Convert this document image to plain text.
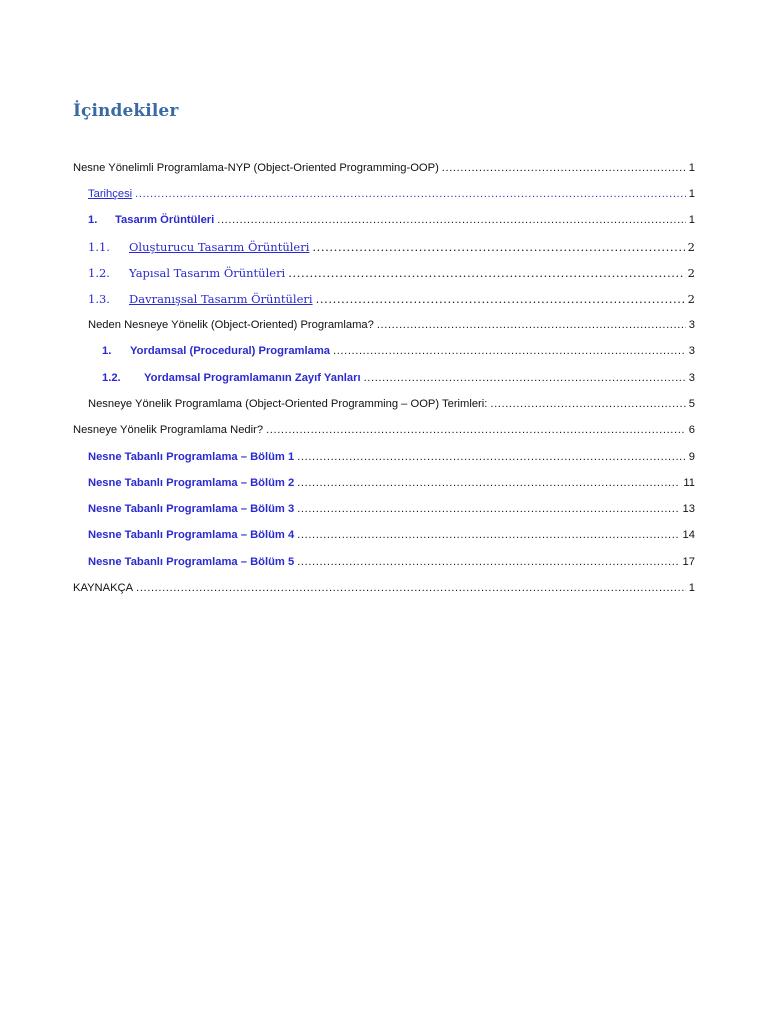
İçindekiler
Nesne Yönelimli Programlama-NYP (Object-Oriented Programming-OOP) .....	1
Tarihçesi .....	1
1.	Tasarım Örüntüleri .....	1
1.1.	Oluşturucu Tasarım Örüntüleri .....	2
1.2.	Yapısal Tasarım Örüntüleri .....	2
1.3.	Davranışsal Tasarım Örüntüleri .....	2
Neden Nesneye Yönelik (Object-Oriented) Programlama? .....	3
1.	Yordamsal (Procedural) Programlama .....	3
1.2.	Yordamsal Programlamanın Zayıf Yanları .....	3
Nesneye Yönelik Programlama (Object-Oriented Programming – OOP) Terimleri: .....	5
Nesneye Yönelik Programlama Nedir? .....	6
Nesne Tabanlı Programlama – Bölüm 1 .....	9
Nesne Tabanlı Programlama – Bölüm 2 .....	11
Nesne Tabanlı Programlama – Bölüm 3 .....	13
Nesne Tabanlı Programlama – Bölüm 4 .....	14
Nesne Tabanlı Programlama – Bölüm 5 .....	17
KAYNAKÇA .....	1
